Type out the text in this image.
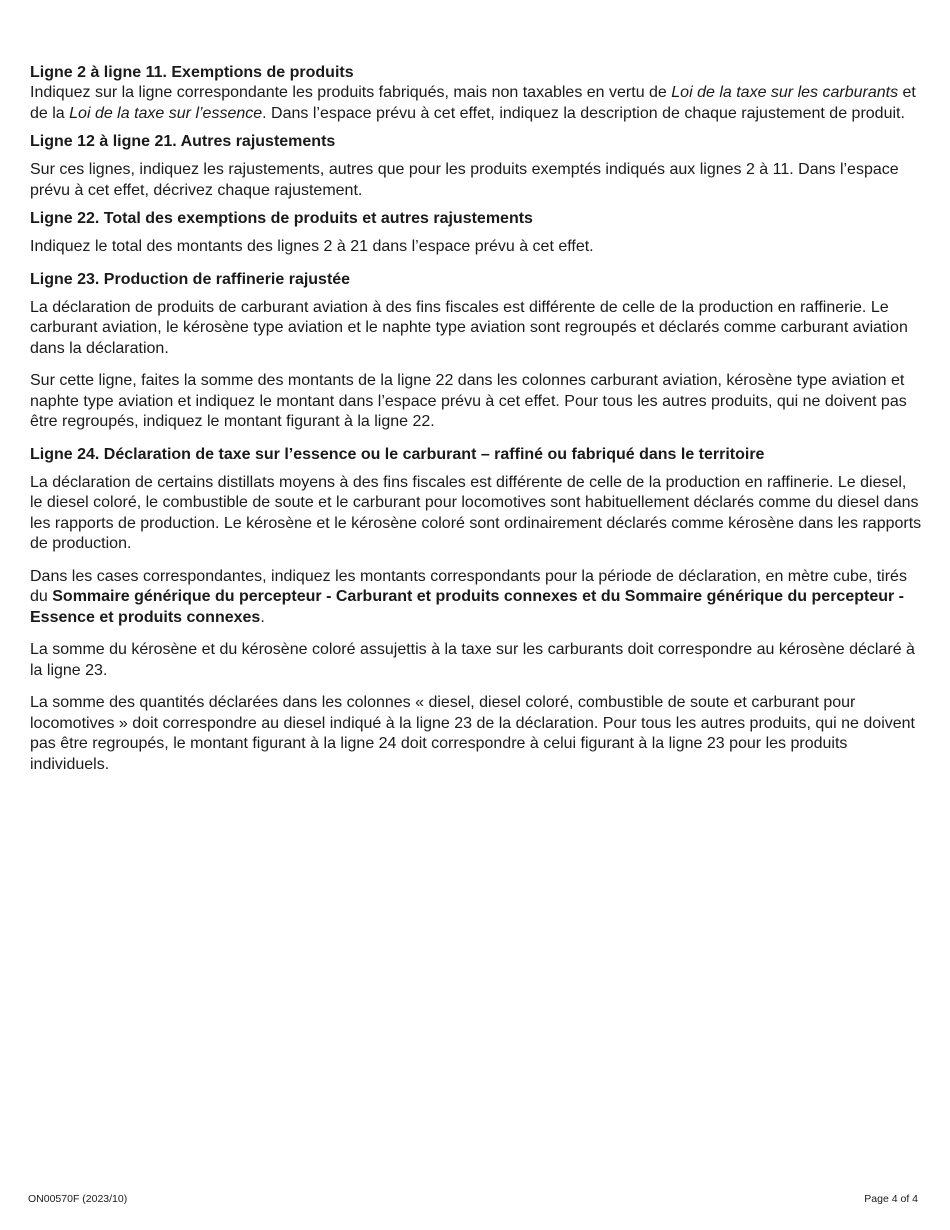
Ligne 2 à ligne 11. Exemptions de produits

Indiquez sur la ligne correspondante les produits fabriqués, mais non taxables en vertu de Loi de la taxe sur les carburants et de la Loi de la taxe sur l’essence. Dans l’espace prévu à cet effet, indiquez la description de chaque rajustement de produit.

Ligne 12 à ligne 21. Autres rajustements

Sur ces lignes, indiquez les rajustements, autres que pour les produits exemptés indiqués aux lignes 2 à 11. Dans l’espace prévu à cet effet, décrivez chaque rajustement.

Ligne 22. Total des exemptions de produits et autres rajustements

Indiquez le total des montants des lignes 2 à 21 dans l’espace prévu à cet effet.

Ligne 23. Production de raffinerie rajustée

La déclaration de produits de carburant aviation à des fins fiscales est différente de celle de la production en raffinerie. Le carburant aviation, le kérosène type aviation et le naphte type aviation sont regroupés et déclarés comme carburant aviation dans la déclaration.

Sur cette ligne, faites la somme des montants de la ligne 22 dans les colonnes carburant aviation, kérosène type aviation et naphte type aviation et indiquez le montant dans l’espace prévu à cet effet. Pour tous les autres produits, qui ne doivent pas être regroupés, indiquez le montant figurant à la ligne 22.

Ligne 24. Déclaration de taxe sur l’essence ou le carburant – raffiné ou fabriqué dans le territoire

La déclaration de certains distillats moyens à des fins fiscales est différente de celle de la production en raffinerie. Le diesel, le diesel coloré, le combustible de soute et le carburant pour locomotives sont habituellement déclarés comme du diesel dans les rapports de production. Le kérosène et le kérosène coloré sont ordinairement déclarés comme kérosène dans les rapports de production.

Dans les cases correspondantes, indiquez les montants correspondants pour la période de déclaration, en mètre cube, tirés du Sommaire générique du percepteur - Carburant et produits connexes et du Sommaire générique du percepteur - Essence et produits connexes.

La somme du kérosène et du kérosène coloré assujettis à la taxe sur les carburants doit correspondre au kérosène déclaré à la ligne 23.

La somme des quantités déclarées dans les colonnes « diesel, diesel coloré, combustible de soute et carburant pour locomotives » doit correspondre au diesel indiqué à la ligne 23 de la déclaration. Pour tous les autres produits, qui ne doivent pas être regroupés, le montant figurant à la ligne 24 doit correspondre à celui figurant à la ligne 23 pour les produits individuels.

ON00570F (2023/10)	Page 4 of 4
